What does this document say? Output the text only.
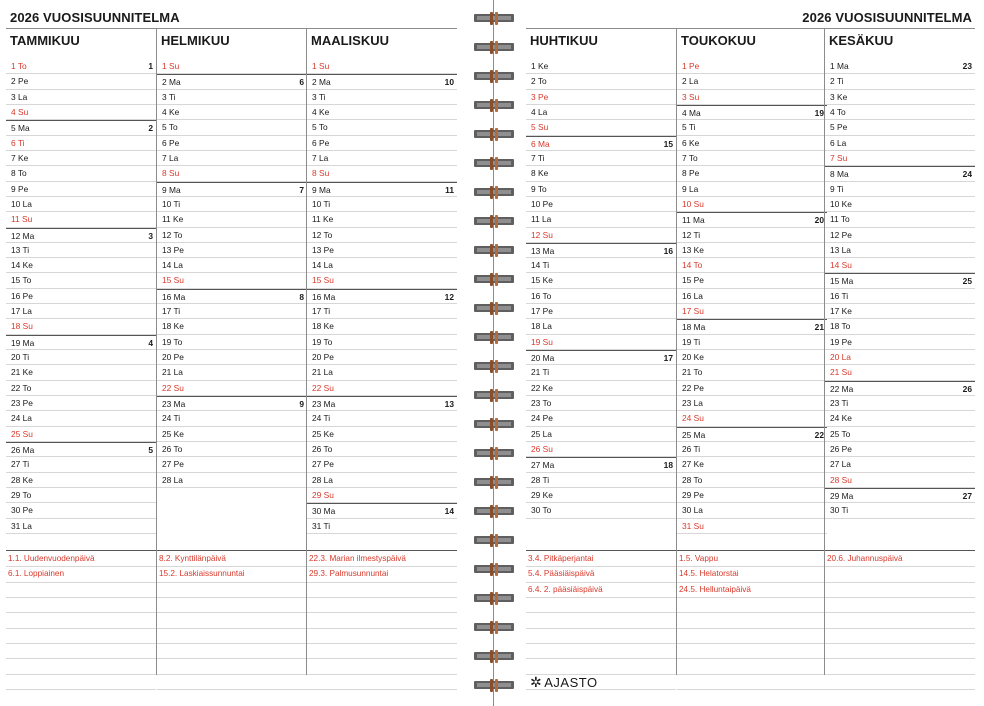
2026 VUOSISUUNNITELMA
TAMMIKUU
1 To	1
2 Pe
3 La
4 Su
5 Ma	2
6 Ti
7 Ke
8 To
9 Pe
10 La
11 Su
12 Ma	3
13 Ti
14 Ke
15 To
16 Pe
17 La
18 Su
19 Ma	4
20 Ti
21 Ke
22 To
23 Pe
24 La
25 Su
26 Ma	5
27 Ti
28 Ke
29 To
30 Pe
31 La
1.1. Uudenvuodenpäivä
6.1. Loppiainen
HELMIKUU
1 Su
2 Ma	6
3 Ti
4 Ke
5 To
6 Pe
7 La
8 Su
9 Ma	7
10 Ti
11 Ke
12 To
13 Pe
14 La
15 Su
16 Ma	8
17 Ti
18 Ke
19 To
20 Pe
21 La
22 Su
23 Ma	9
24 Ti
25 Ke
26 To
27 Pe
28 La
8.2. Kynttilänpäivä
15.2. Laskiaissunnuntai
MAALISKUU
1 Su
2 Ma	10
3 Ti
4 Ke
5 To
6 Pe
7 La
8 Su
9 Ma	11
10 Ti
11 Ke
12 To
13 Pe
14 La
15 Su
16 Ma	12
17 Ti
18 Ke
19 To
20 Pe
21 La
22 Su
23 Ma	13
24 Ti
25 Ke
26 To
27 Pe
28 La
29 Su
30 Ma	14
31 Ti
22.3. Marian ilmestyspäivä
29.3. Palmusunnuntai
2026 VUOSISUUNNITELMA
HUHTIKUU
1 Ke
2 To
3 Pe
4 La
5 Su
6 Ma	15
7 Ti
8 Ke
9 To
10 Pe
11 La
12 Su
13 Ma	16
14 Ti
15 Ke
16 To
17 Pe
18 La
19 Su
20 Ma	17
21 Ti
22 Ke
23 To
24 Pe
25 La
26 Su
27 Ma	18
28 Ti
29 Ke
30 To
3.4. Pitkäperjantai
5.4. Pääsiäispäivä
6.4. 2. pääsiäispäivä
TOUKOKUU
1 Pe
2 La
3 Su
4 Ma	19
5 Ti
6 Ke
7 To
8 Pe
9 La
10 Su
11 Ma	20
12 Ti
13 Ke
14 To
15 Pe
16 La
17 Su
18 Ma	21
19 Ti
20 Ke
21 To
22 Pe
23 La
24 Su
25 Ma	22
26 Ti
27 Ke
28 To
29 Pe
30 La
31 Su
1.5. Vappu
14.5. Helatorstai
24.5. Helluntaipäivä
KESÄKUU
1 Ma	23
2 Ti
3 Ke
4 To
5 Pe
6 La
7 Su
8 Ma	24
9 Ti
10 Ke
11 To
12 Pe
13 La
14 Su
15 Ma	25
16 Ti
17 Ke
18 To
19 Pe
20 La
21 Su
22 Ma	26
23 Ti
24 Ke
25 To
26 Pe
27 La
28 Su
29 Ma	27
30 Ti
20.6. Juhannuspäivä
✲ AJASTO
